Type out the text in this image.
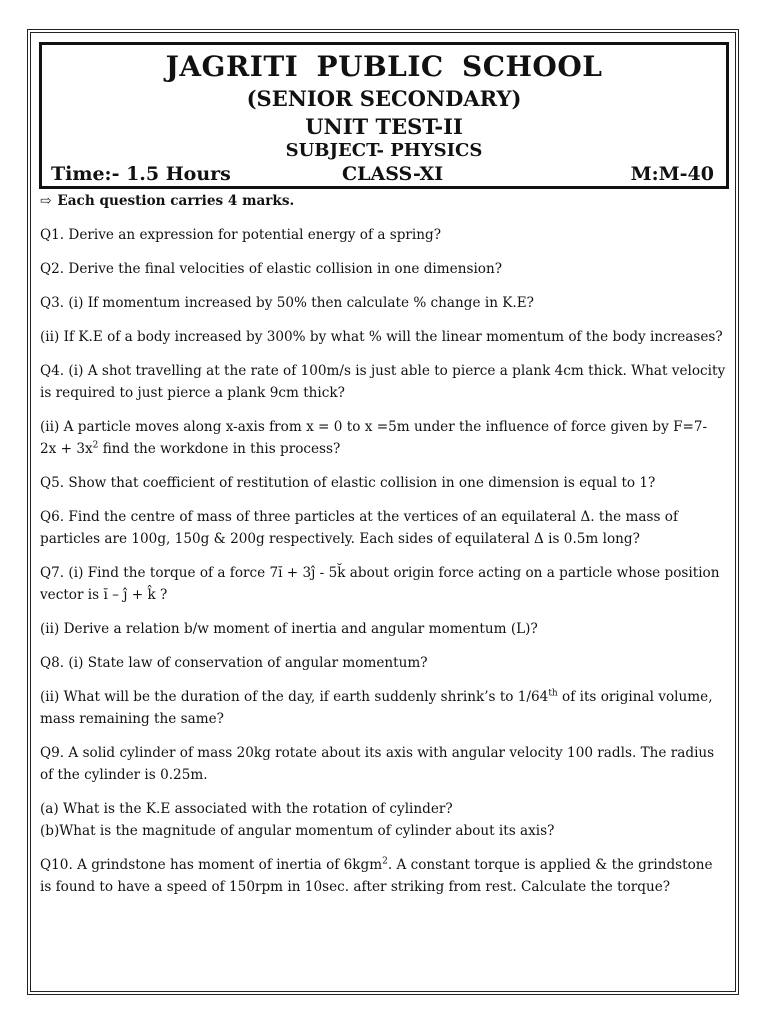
JAGRITI PUBLIC SCHOOL
(SENIOR SECONDARY)
UNIT TEST-II
SUBJECT- PHYSICS
Time:- 1.5 Hours	CLASS-XI	M:M-40
⇨ Each question carries 4 marks.
Q1. Derive an expression for potential energy of a spring?
Q2. Derive the final velocities of elastic collision in one dimension?
Q3. (i) If momentum increased by 50% then calculate % change in K.E?
(ii) If K.E of a body increased by 300% by what % will the linear momentum of the body increases?
Q4. (i) A shot travelling at the rate of 100m/s is just able to pierce a plank 4cm thick. What velocity
is required to just pierce a plank 9cm thick?
(ii) A particle moves along x-axis from x = 0 to x =5m under the influence of force given by F=7-
$2x + 3x^2$ find the workdone in this process?
Q5. Show that coefficient of restitution of elastic collision in one dimension is equal to 1?
Q6. Find the centre of mass of three particles at the vertices of an equilateral Δ. the mass of
particles are 100g, 150g & 200g respectively. Each sides of equilateral Δ is 0.5m long?
Q7. (i) Find the torque of a force 7ĭ + 3ĵ - 5k̆ about origin force acting on a particle whose position
vector is ĭ – ĵ + k̂ ?
(ii) Derive a relation b/w moment of inertia and angular momentum (L)?
Q8. (i) State law of conservation of angular momentum?
(ii) What will be the duration of the day, if earth suddenly shrink’s to 1/64th of its original volume,
mass remaining the same?
Q9. A solid cylinder of mass 20kg rotate about its axis with angular velocity 100 radls. The radius
of the cylinder is 0.25m.
(a) What is the K.E associated with the rotation of cylinder?
(b)What is the magnitude of angular momentum of cylinder about its axis?
Q10. A grindstone has moment of inertia of 6kgm$^2$. A constant torque is applied & the grindstone
is found to have a speed of 150rpm in 10sec. after striking from rest. Calculate the torque?
